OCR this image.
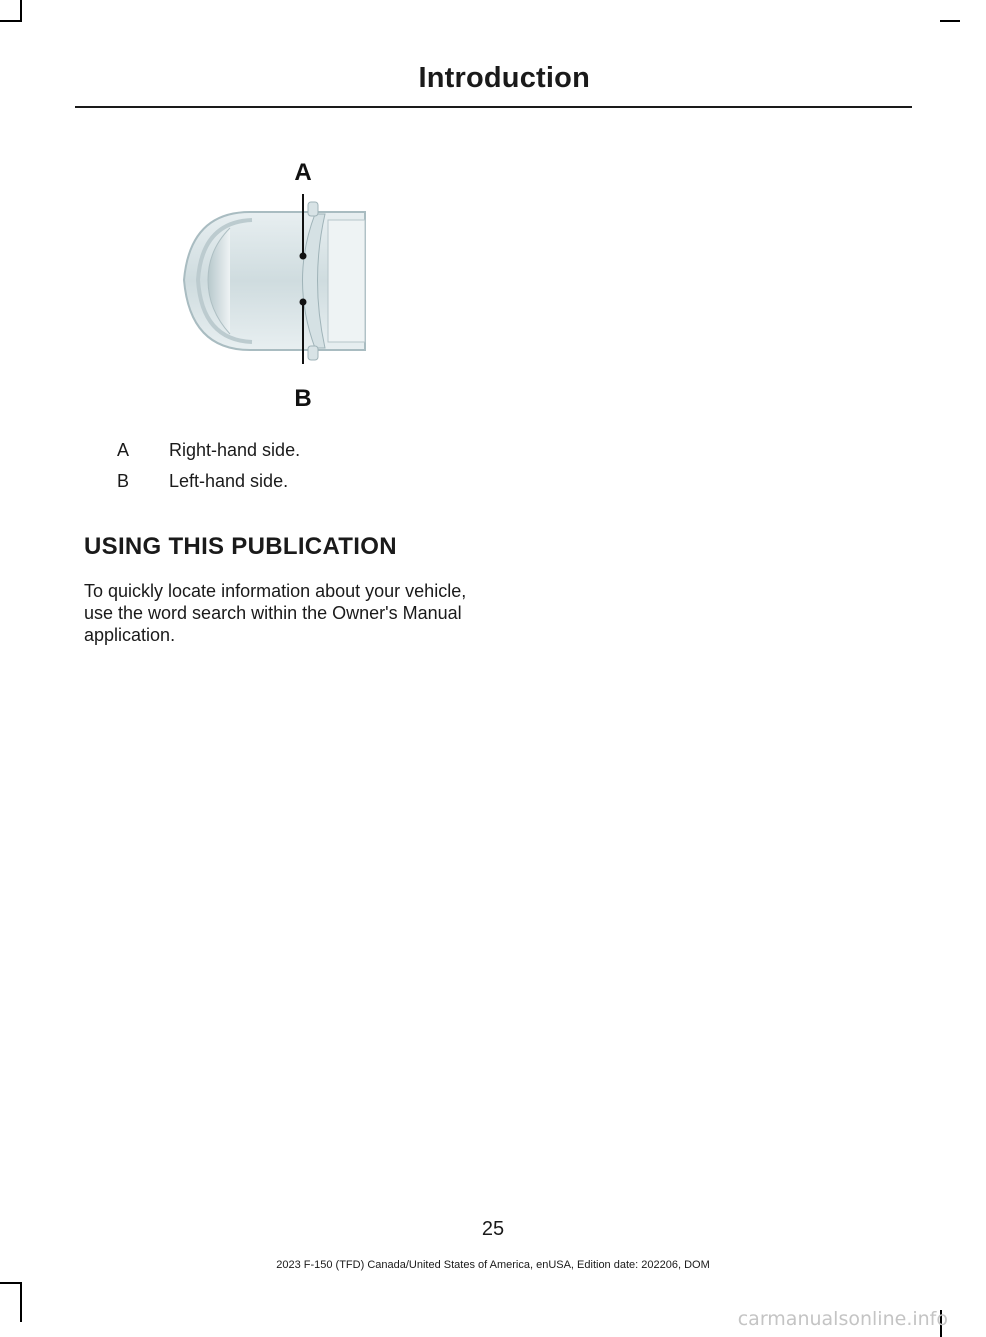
Introduction
A
B
A Right-hand side.
B Left-hand side.
USING THIS PUBLICATION
To quickly locate information about your vehicle, use the word search within the Owner's Manual application.
25
2023 F-150 (TFD) Canada/United States of America, enUSA, Edition date: 202206, DOM
carmanualsonline.info
